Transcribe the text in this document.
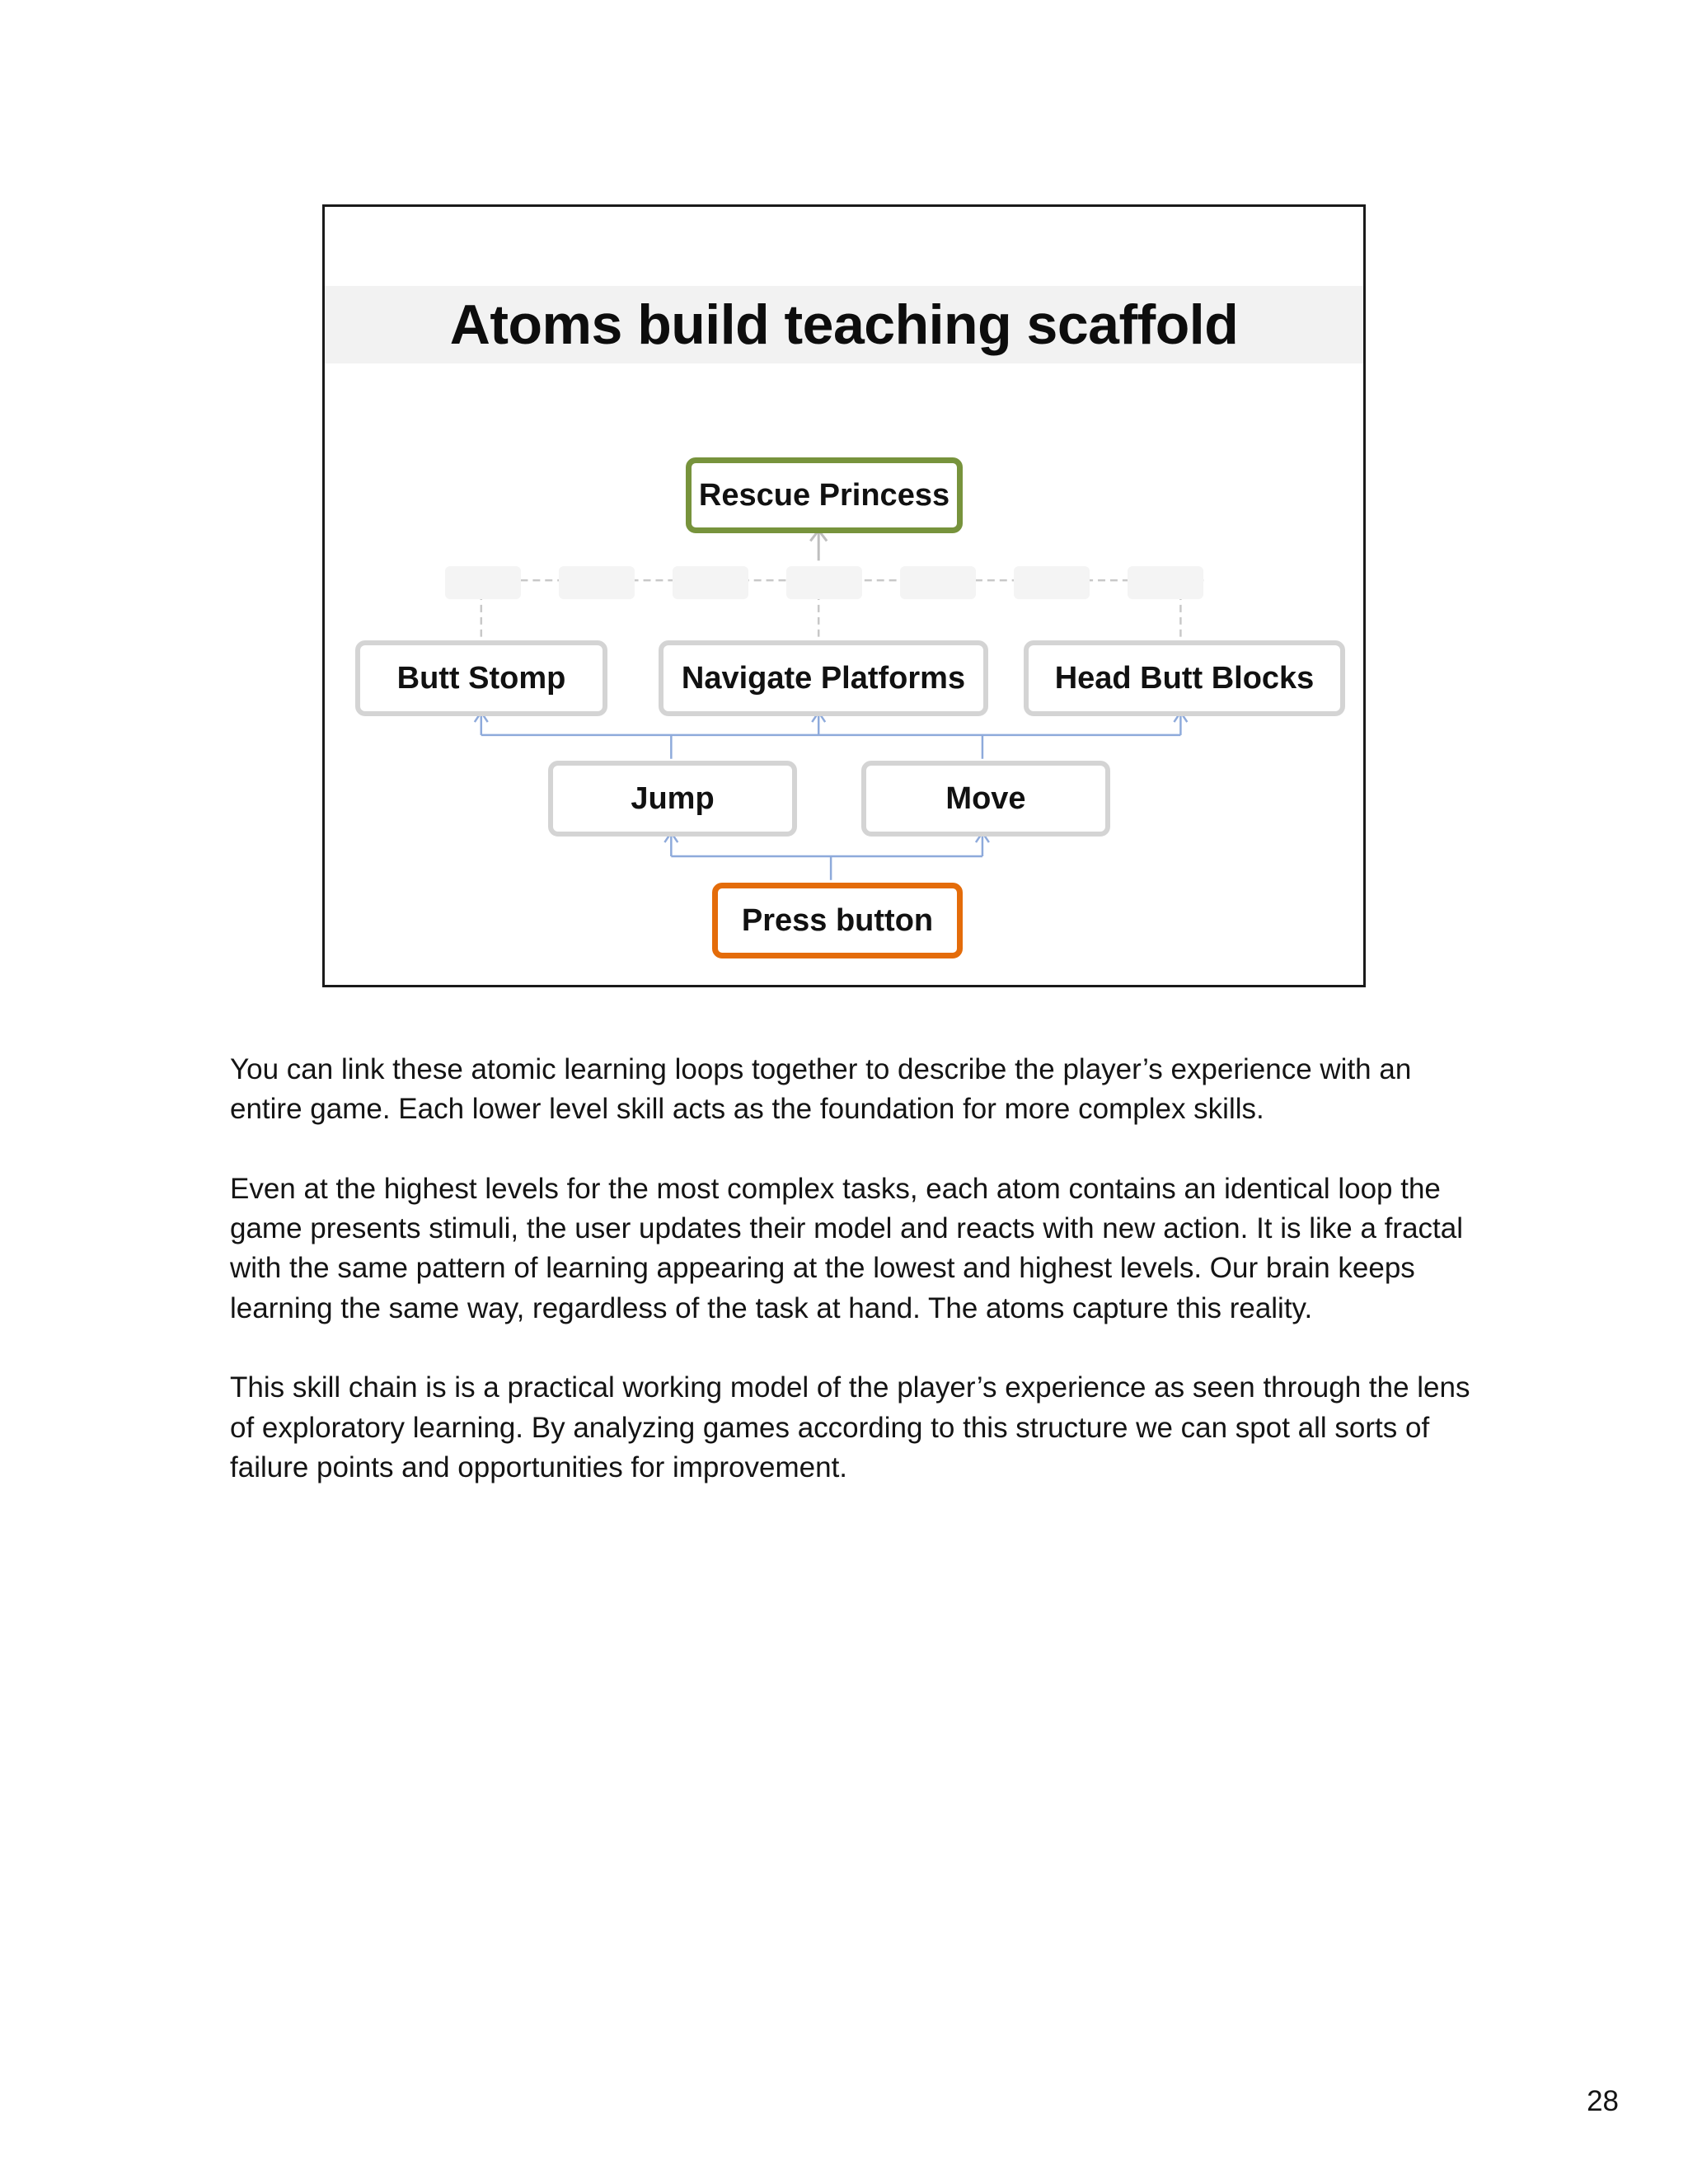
Atoms build teaching scaffold
Rescue Princess
Butt Stomp	Navigate Platforms	Head Butt Blocks
Jump	Move
Press button

You can link these atomic learning loops together to describe the player’s experience with an entire game. Each lower level skill acts as the foundation for more complex skills.

Even at the highest levels for the most complex tasks, each atom contains an identical loop the game presents stimuli, the user updates their model and reacts with new action. It is like a fractal with the same pattern of learning appearing at the lowest and highest levels. Our brain keeps learning the same way, regardless of the task at hand. The atoms capture this reality.

This skill chain is is a practical working model of the player’s experience as seen through the lens of exploratory learning. By analyzing games according to this structure we can spot all sorts of failure points and opportunities for improvement.

28
